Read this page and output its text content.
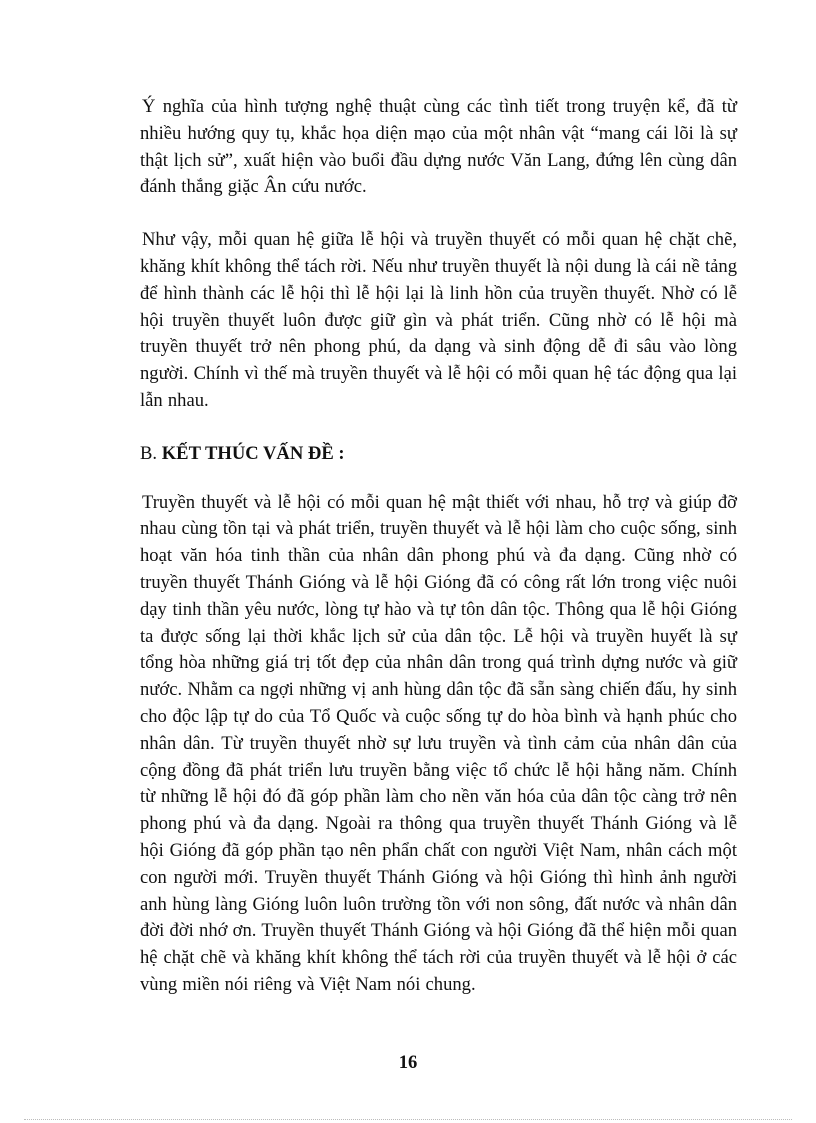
Ý nghĩa của hình tượng nghệ thuật cùng các tình tiết trong truyện kể, đã từ nhiều hướng quy tụ, khắc họa diện mạo của một nhân vật “mang cái lõi là sự thật lịch sử”, xuất hiện vào buổi đầu dựng nước Văn Lang, đứng lên cùng dân đánh thắng giặc Ân cứu nước.

Như vậy, mỗi quan hệ giữa lễ hội và truyền thuyết có mỗi quan hệ chặt chẽ, khăng khít không thể tách rời. Nếu như truyền thuyết là nội dung là cái nề tảng để hình thành các lễ hội thì lễ hội lại là linh hồn của truyền thuyết. Nhờ có lễ hội truyền thuyết luôn được giữ gìn và phát triển. Cũng nhờ có lễ hội mà truyền thuyết trở nên phong phú, da dạng và sinh động dễ đi sâu vào lòng người. Chính vì thế mà truyền thuyết và lễ hội có mỗi quan hệ tác động qua lại lẫn nhau.

B. KẾT THÚC VẤN ĐỀ :

Truyền thuyết và lễ hội có mỗi quan hệ mật thiết với nhau, hỗ trợ và giúp đỡ nhau cùng tồn tại và phát triển, truyền thuyết và lễ hội làm cho cuộc sống, sinh hoạt văn hóa tinh thần của nhân dân phong phú và đa dạng. Cũng nhờ có truyền thuyết Thánh Gióng và lễ hội Gióng đã có công rất lớn trong việc nuôi dạy tinh thần yêu nước, lòng tự hào và tự tôn dân tộc. Thông qua lễ hội Gióng ta được sống lại thời khắc lịch sử của dân tộc. Lễ hội và truyền huyết là sự tổng hòa những giá trị tốt đẹp của nhân dân trong quá trình dựng nước và giữ nước. Nhằm ca ngợi những vị anh hùng dân tộc đã sẵn sàng chiến đấu, hy sinh cho độc lập tự do của Tổ Quốc và cuộc sống tự do hòa bình và hạnh phúc cho nhân dân. Từ truyền thuyết nhờ sự lưu truyền và tình cảm của nhân dân của cộng đồng đã phát triển lưu truyền bằng việc tổ chức lễ hội hằng năm. Chính từ những lễ hội đó đã góp phần làm cho nền văn hóa của dân tộc càng trở nên phong phú và đa dạng. Ngoài ra thông qua truyền thuyết Thánh Gióng và lễ hội Gióng đã góp phần tạo nên phẩn chất con người Việt Nam, nhân cách một con người mới. Truyền thuyết Thánh Gióng và hội Gióng thì hình ảnh người anh hùng làng Gióng luôn luôn trường tồn với non sông, đất nước và nhân dân đời đời nhớ ơn. Truyền thuyết Thánh Gióng và hội Gióng đã thể hiện mỗi quan hệ chặt chẽ và khăng khít không thể tách rời của truyền thuyết và lễ hội ở các vùng miền nói riêng và Việt Nam nói chung.

16
